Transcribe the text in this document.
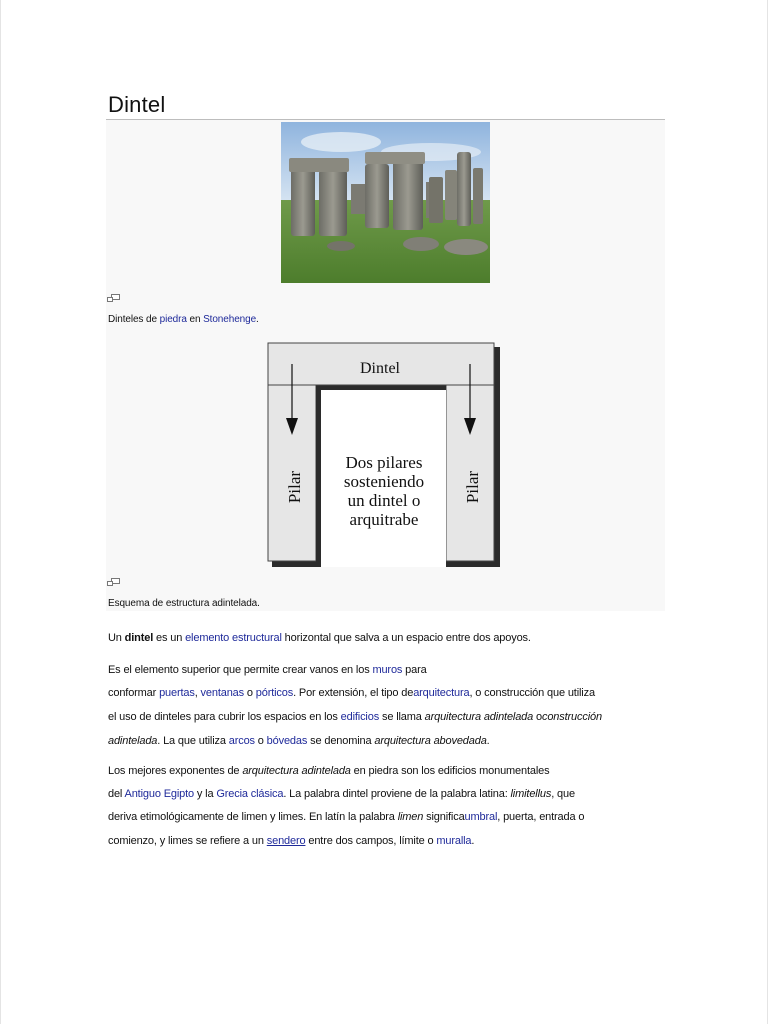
Dintel
Dinteles de piedra en Stonehenge.
Dintel
Pilar	Pilar
Dos pilares
sosteniendo
un dintel o
arquitrabe
Esquema de estructura adintelada.
Un dintel es un elemento estructural horizontal que salva a un espacio entre dos apoyos.
Es el elemento superior que permite crear vanos en los muros para
conformar puertas, ventanas o pórticos. Por extensión, el tipo dearquitectura, o construcción que utiliza
el uso de dinteles para cubrir los espacios en los edificios se llama arquitectura adintelada oconstrucción
adintelada. La que utiliza arcos o bóvedas se denomina arquitectura abovedada.
Los mejores exponentes de arquitectura adintelada en piedra son los edificios monumentales
del Antiguo Egipto y la Grecia clásica. La palabra dintel proviene de la palabra latina: limitellus, que
deriva etimológicamente de limen y limes. En latín la palabra limen significaumbral, puerta, entrada o
comienzo, y limes se refiere a un sendero entre dos campos, límite o muralla.
